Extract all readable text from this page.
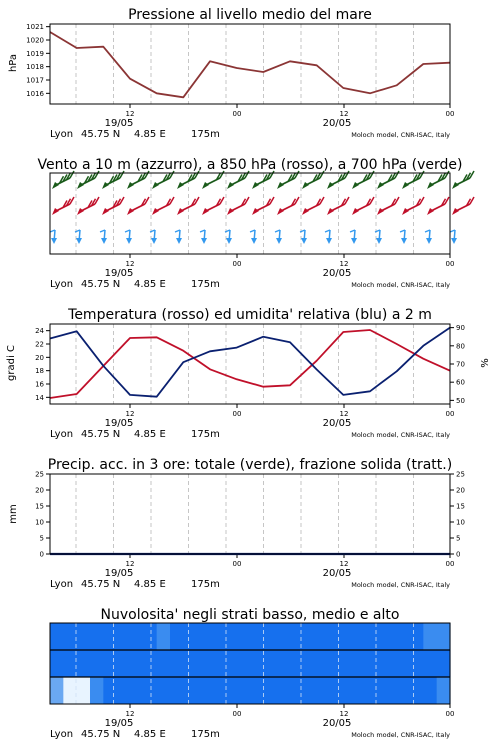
Pressione al livello medio del mare
hPa
1021
1020
1019
1018
1017
1016
12	00	12	00
19/05	20/05
Lyon 45.75 N 4.85 E	175m	Moloch model, CNR-ISAC, Italy
Vento a 10 m (azzurro), a 850 hPa (rosso), a 700 hPa (verde)
12	00	12	00
19/05	20/05
Lyon 45.75 N 4.85 E	175m	Moloch model, CNR-ISAC, Italy
Temperatura (rosso) ed umidita' relativa (blu) a 2 m
gradi C	%
24
22
20
18
16
14
90
80
70
60
50
12	00	12	00
19/05	20/05
Lyon 45.75 N 4.85 E	175m	Moloch model, CNR-ISAC, Italy
Precip. acc. in 3 ore: totale (verde), frazione solida (tratt.)
mm
25
20
15
10
5
0
25
20
15
10
5
0
12	00	12	00
19/05	20/05
Lyon 45.75 N 4.85 E	175m	Moloch model, CNR-ISAC, Italy
Nuvolosita' negli strati basso, medio e alto
12	00	12	00
19/05	20/05
Lyon 45.75 N 4.85 E	175m	Moloch model, CNR-ISAC, Italy
